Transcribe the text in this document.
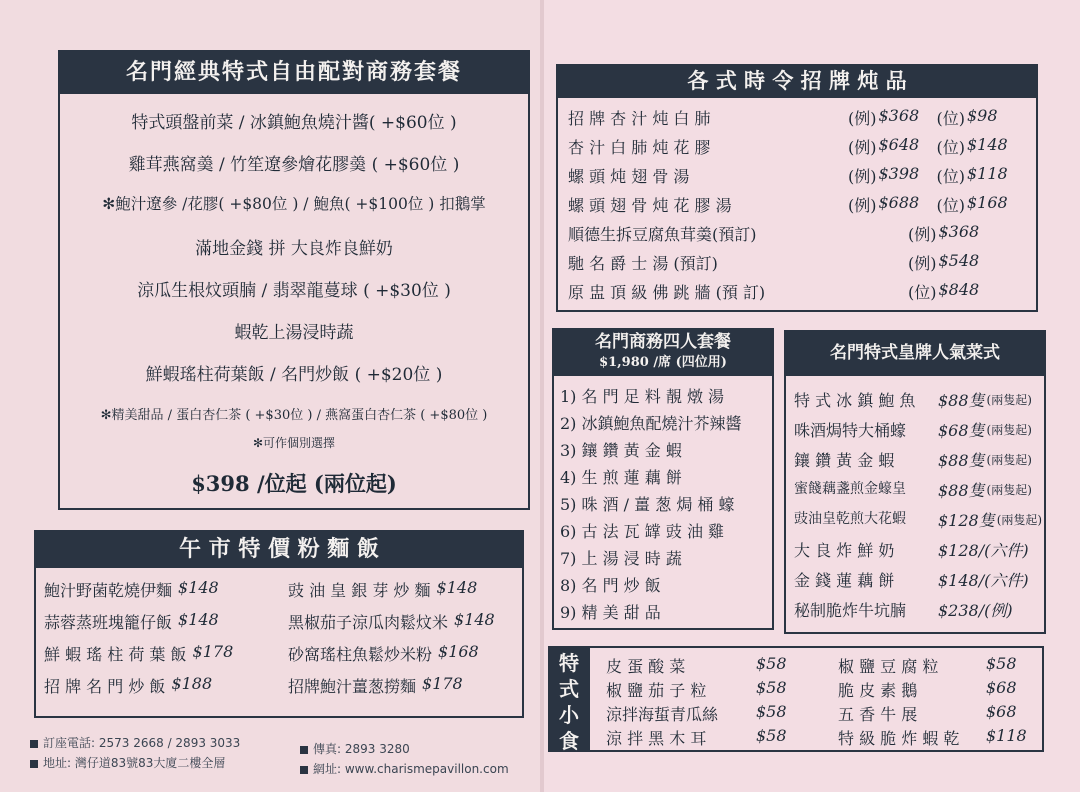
名門經典特式自由配對商務套餐
特式頭盤前菜 / 冰鎮鮑魚燒汁醬( +$60位 )
雞茸燕窩羮 / 竹笙遼參燴花膠羮 ( +$60位 )
✻鮑汁遼參 /花膠( +$80位 ) / 鮑魚( +$100位 ) 扣鵝掌
滿地金錢 拼 大良炸良鮮奶
涼瓜生根炆頭腩 / 翡翠龍蔓球 ( +$30位 )
蝦乾上湯浸時蔬
鮮蝦瑤柱荷葉飯 / 名門炒飯 ( +$20位 )
✻精美甜品 / 蛋白杏仁茶 ( +$30位 ) / 燕窩蛋白杏仁茶 ( +$80位 )
✻可作個別選擇
$398 /位起 (兩位起)
午 市 特 價 粉 麵 飯
鮑汁野菌乾燒伊麵 $148
蒜蓉蒸班塊籠仔飯 $148
鮮 蝦 瑤 柱 荷 葉 飯 $178
招 牌 名 門 炒 飯 $188
豉 油 皇 銀 芽 炒 麵 $148
黑椒茄子涼瓜肉鬆炆米 $148
砂窩瑤柱魚鬆炒米粉 $168
招牌鮑汁薑葱撈麵 $178
訂座電話: 2573 2668 / 2893 3033
地址: 灣仔道83號83大廈二樓全層
傳真: 2893 3280
網址: www.charismepavillon.com
各 式 時 令 招 牌 炖 品
招 牌 杏 汁 炖 白 肺	(例) $368	(位) $98
杏 汁 白 肺 炖 花 膠	(例) $648	(位) $148
螺 頭 炖 翅 骨 湯	(例) $398	(位) $118
螺 頭 翅 骨 炖 花 膠 湯	(例) $688	(位) $168
順德生拆豆腐魚茸羮(預訂)	(例) $368
馳 名 爵 士 湯 (預訂)	(例) $548
原 盅 頂 級 佛 跳 牆 (預 訂)	(位) $848
名門商務四人套餐
$1,980 /席 (四位用)
1) 名 門 足 料 靚 燉 湯
2) 冰鎮鮑魚配燒汁芥辣醬
3) 鑲 鑽 黃 金 蝦
4) 生 煎 蓮 藕 餅
5) 咮 酒 / 薑 葱 焗 桶 蠔
6) 古 法 瓦 罉 豉 油 雞
7) 上 湯 浸 時 蔬
8) 名 門 炒 飯
9) 精 美 甜 品
名門特式皇牌人氣菜式
特 式 冰 鎮 鮑 魚	$88隻 (兩隻起)
咮酒焗特大桶蠔	$68隻 (兩隻起)
鑲 鑽 黃 金 蝦	$88隻 (兩隻起)
蜜餞藕盞煎金蠔皇	$88隻 (兩隻起)
豉油皇乾煎大花蝦	$128隻 (兩隻起)
大 良 炸 鮮 奶	$128/(六件)
金 錢 蓮 藕 餅	$148/(六件)
秘制脆炸牛坑腩	$238/(例)
特式小食
皮 蛋 酸 菜	$58
椒 鹽 茄 子 粒	$58
涼拌海蜇青瓜絲	$58
涼 拌 黑 木 耳	$58
椒 鹽 豆 腐 粒	$58
脆 皮 素 鵝	$68
五 香 牛 展	$68
特 級 脆 炸 蝦 乾	$118
